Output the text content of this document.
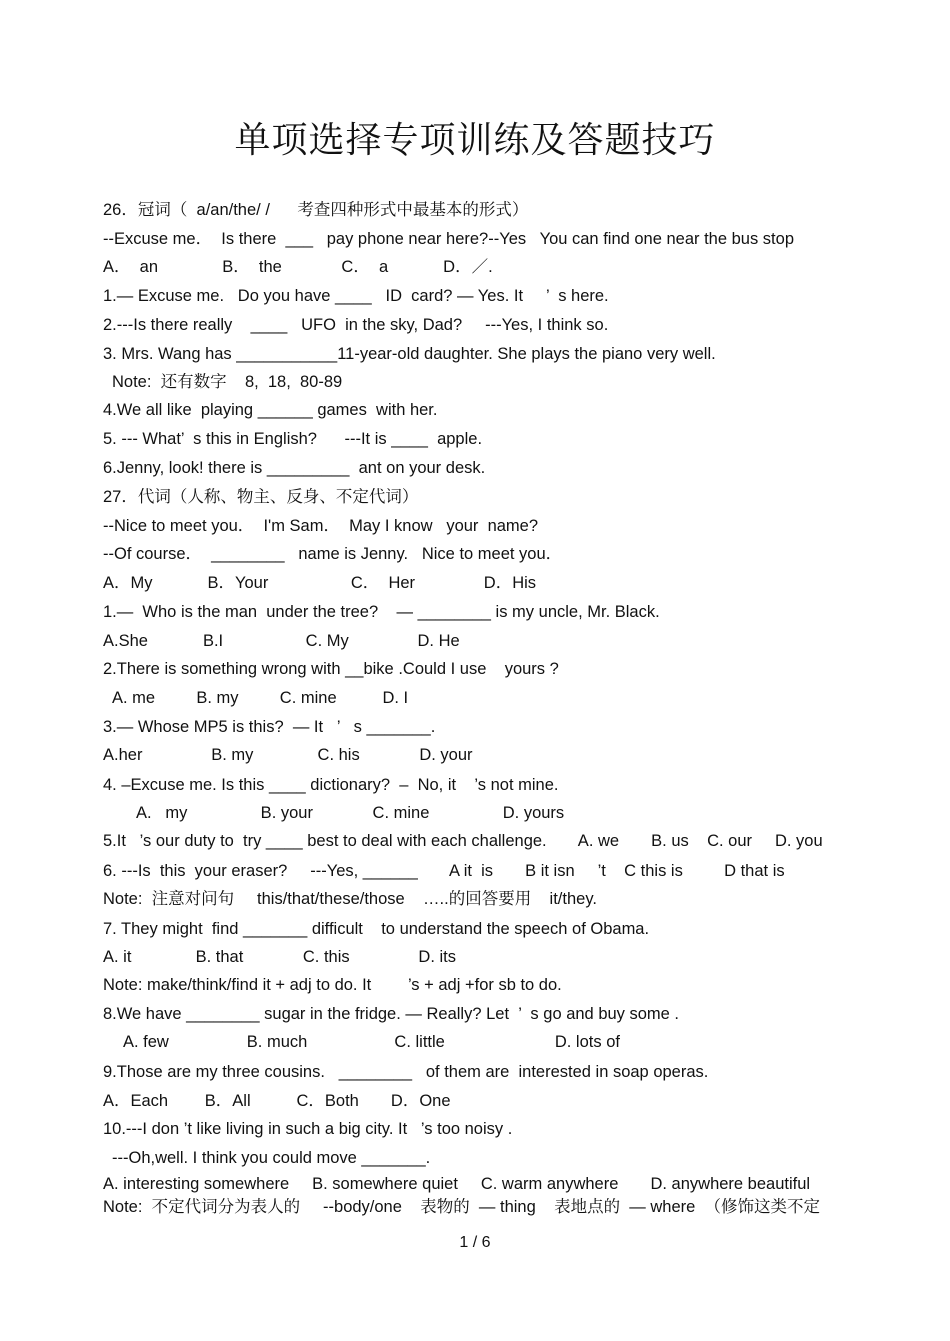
单项选择专项训练及答题技巧
26．冠词（  a/an/the/ /      考查四种形式中最基本的形式）
--Excuse me．  Is there  ___   pay phone near here?--Yes   You can find one near the bus stop
A．  an              B．  the             C．  a            D．／.
1.— Excuse me.   Do you have ____   ID  card? — Yes. It     ’  s here.
2.---Is there really    ____   UFO  in the sky, Dad?     ---Yes, I think so.
3. Mrs. Wang has ___________11-year-old daughter. She plays the piano very well.
Note:  还有数字    8,  18,  80-89
4.We all like  playing ______ games  with her.
5. --- What’  s this in English?      ---It is ____  apple.
6.Jenny, look! there is _________  ant on your desk.
27．代词（人称、物主、反身、不定代词）
--Nice to meet you．  I'm Sam．  May I know   your  name?
--Of course．  ________   name is Jenny.   Nice to meet you．
A．My            B．Your                  C．  Her               D．His
1.—  Who is the man  under the tree?    — ________ is my uncle, Mr. Black.
A.She            B.I                  C. My               D. He
2.There is something wrong with __bike .Could I use    yours ?
A. me         B. my         C. mine          D. I
3.— Whose MP5 is this?  — It   ’   s _______.
A.her               B. my              C. his             D. your
4. –Excuse me. Is this ____ dictionary?  –  No, it    ’s not mine.
A.   my                B. your             C. mine                D. yours
5.It   ’s our duty to  try ____ best to deal with each challenge.       A. we       B. us    C. our     D. you
6. ---Is  this  your eraser?     ---Yes, ______       A it  is       B it isn     ’t    C this is         D that is
Note:  注意对问句     this/that/these/those    …..的回答要用    it/they.
7. They might  find _______ difficult    to understand the speech of Obama.
A. it              B. that             C. this               D. its
Note: make/think/find it + adj to do. It        ’s + adj +for sb to do.
8.We have ________ sugar in the fridge. — Really? Let  ’  s go and buy some .
A. few                 B. much                   C. little                        D. lots of
9.Those are my three cousins.   ________   of them are  interested in soap operas.
A．Each        B．All          C．Both       D．One
10.---I don ’t like living in such a big city. It   ’s too noisy .
---Oh,well. I think you could move _______.
A. interesting somewhere     B. somewhere quiet     C. warm anywhere       D. anywhere beautiful
Note:  不定代词分为表人的     --body/one    表物的  — thing    表地点的  — where  （修饰这类不定
1 / 6
